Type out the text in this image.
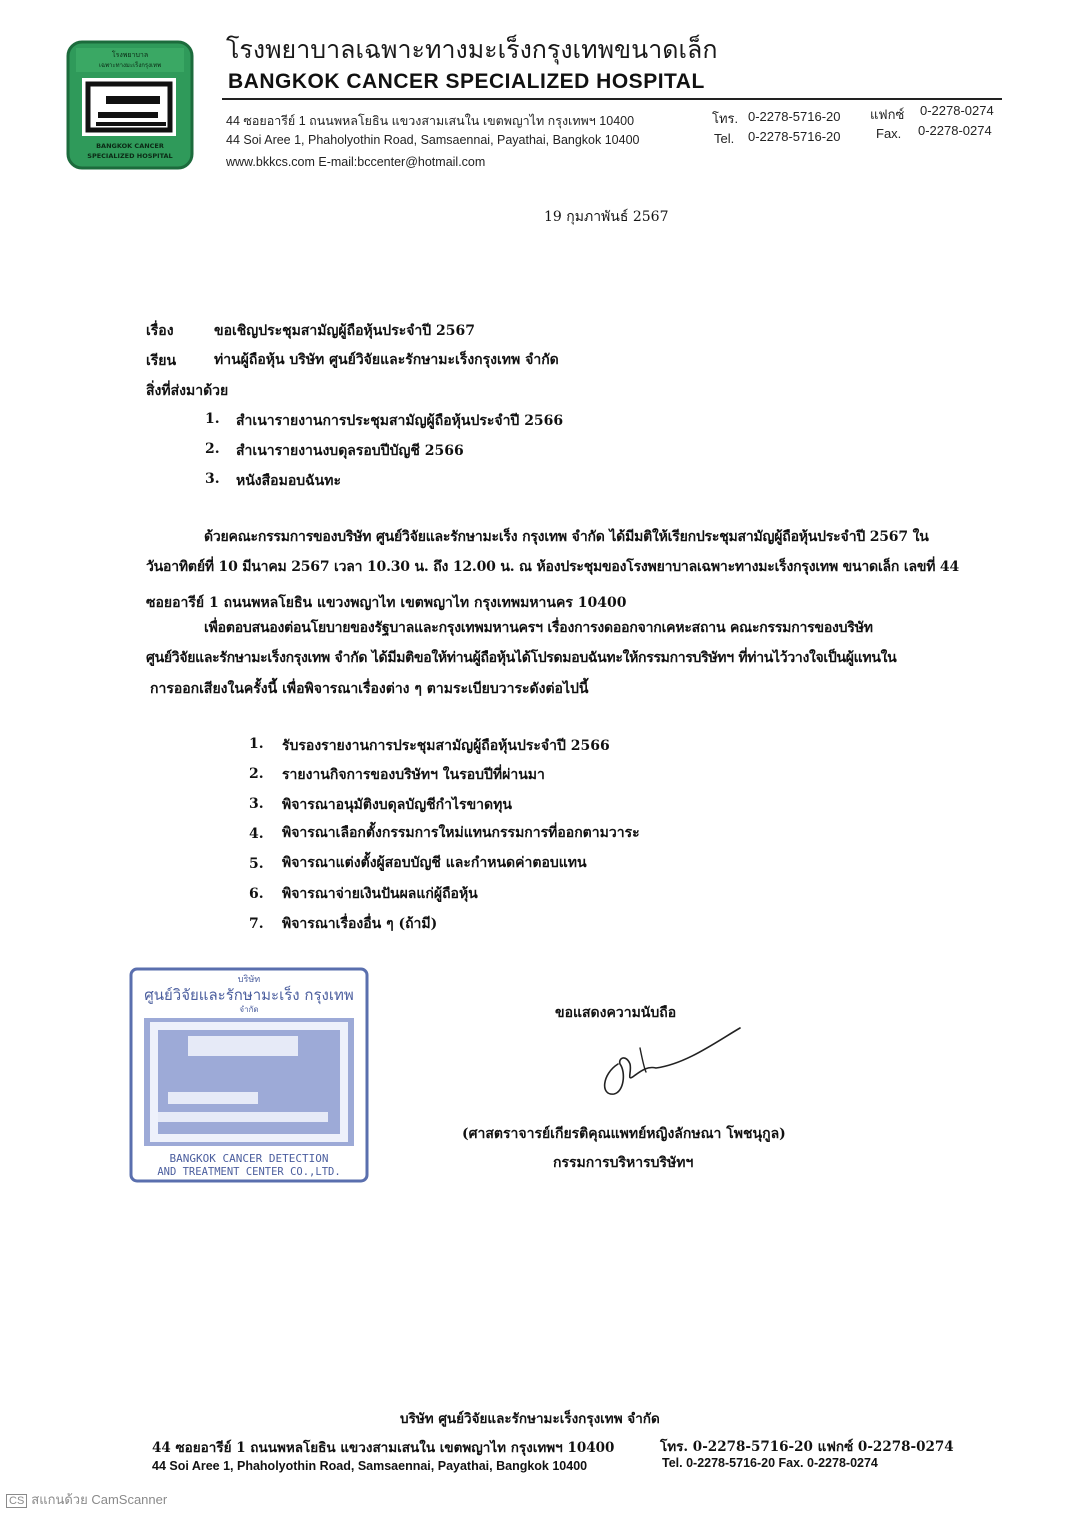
โรงพยาบาล
เฉพาะทางมะเร็งกรุงเทพ
BANGKOK CANCER
SPECIALIZED HOSPITAL
โรงพยาบาลเฉพาะทางมะเร็งกรุงเทพขนาดเล็ก
BANGKOK CANCER SPECIALIZED HOSPITAL
44 ซอยอารีย์ 1 ถนนพหลโยธิน แขวงสามเสนใน เขตพญาไท กรุงเทพฯ 10400
44 Soi Aree 1, Phaholyothin Road, Samsaennai, Payathai, Bangkok 10400
www.bkkcs.com E-mail:bccenter@hotmail.com
โทร. 0-2278-5716-20 แฟกซ์ 0-2278-0274
Tel. 0-2278-5716-20	Fax. 0-2278-0274
19 กุมภาพันธ์ 2567
เรื่อง	ขอเชิญประชุมสามัญผู้ถือหุ้นประจำปี 2567
เรียน	ท่านผู้ถือหุ้น บริษัท ศูนย์วิจัยและรักษามะเร็งกรุงเทพ จำกัด
สิ่งที่ส่งมาด้วย
1. สำเนารายงานการประชุมสามัญผู้ถือหุ้นประจำปี 2566
2. สำเนารายงานงบดุลรอบปีบัญชี 2566
3. หนังสือมอบฉันทะ
ด้วยคณะกรรมการของบริษัท ศูนย์วิจัยและรักษามะเร็ง กรุงเทพ จำกัด ได้มีมติให้เรียกประชุมสามัญผู้ถือหุ้นประจำปี 2567 ใน
วันอาทิตย์ที่ 10 มีนาคม 2567 เวลา 10.30 น. ถึง 12.00 น. ณ ห้องประชุมของโรงพยาบาลเฉพาะทางมะเร็งกรุงเทพ ขนาดเล็ก เลขที่ 44
ซอยอารีย์ 1 ถนนพหลโยธิน แขวงพญาไท เขตพญาไท กรุงเทพมหานคร 10400
เพื่อตอบสนองต่อนโยบายของรัฐบาลและกรุงเทพมหานครฯ เรื่องการงดออกจากเคหะสถาน คณะกรรมการของบริษัท
ศูนย์วิจัยและรักษามะเร็งกรุงเทพ จำกัด ได้มีมติขอให้ท่านผู้ถือหุ้นได้โปรดมอบฉันทะให้กรรมการบริษัทฯ ที่ท่านไว้วางใจเป็นผู้แทนใน
การออกเสียงในครั้งนี้ เพื่อพิจารณาเรื่องต่าง ๆ ตามระเบียบวาระดังต่อไปนี้
1. รับรองรายงานการประชุมสามัญผู้ถือหุ้นประจำปี 2566
2. รายงานกิจการของบริษัทฯ ในรอบปีที่ผ่านมา
3. พิจารณาอนุมัติงบดุลบัญชีกำไรขาดทุน
4. พิจารณาเลือกตั้งกรรมการใหม่แทนกรรมการที่ออกตามวาระ
5. พิจารณาแต่งตั้งผู้สอบบัญชี และกำหนดค่าตอบแทน
6. พิจารณาจ่ายเงินปันผลแก่ผู้ถือหุ้น
7. พิจารณาเรื่องอื่น ๆ (ถ้ามี)
บริษัท
ศูนย์วิจัยและรักษามะเร็ง กรุงเทพ
จำกัด
BANGKOK CANCER DETECTION
AND TREATMENT CENTER CO.,LTD.
ขอแสดงความนับถือ
(ศาสตราจารย์เกียรติคุณแพทย์หญิงลักษณา โพชนุกูล)
กรรมการบริหารบริษัทฯ
บริษัท ศูนย์วิจัยและรักษามะเร็งกรุงเทพ จำกัด
44 ซอยอารีย์ 1 ถนนพหลโยธิน แขวงสามเสนใน เขตพญาไท กรุงเทพฯ 10400
44 Soi Aree 1, Phaholyothin Road, Samsaennai, Payathai, Bangkok 10400
โทร. 0-2278-5716-20 แฟกซ์ 0-2278-0274
Tel. 0-2278-5716-20 Fax. 0-2278-0274
CS สแกนด้วย CamScanner
